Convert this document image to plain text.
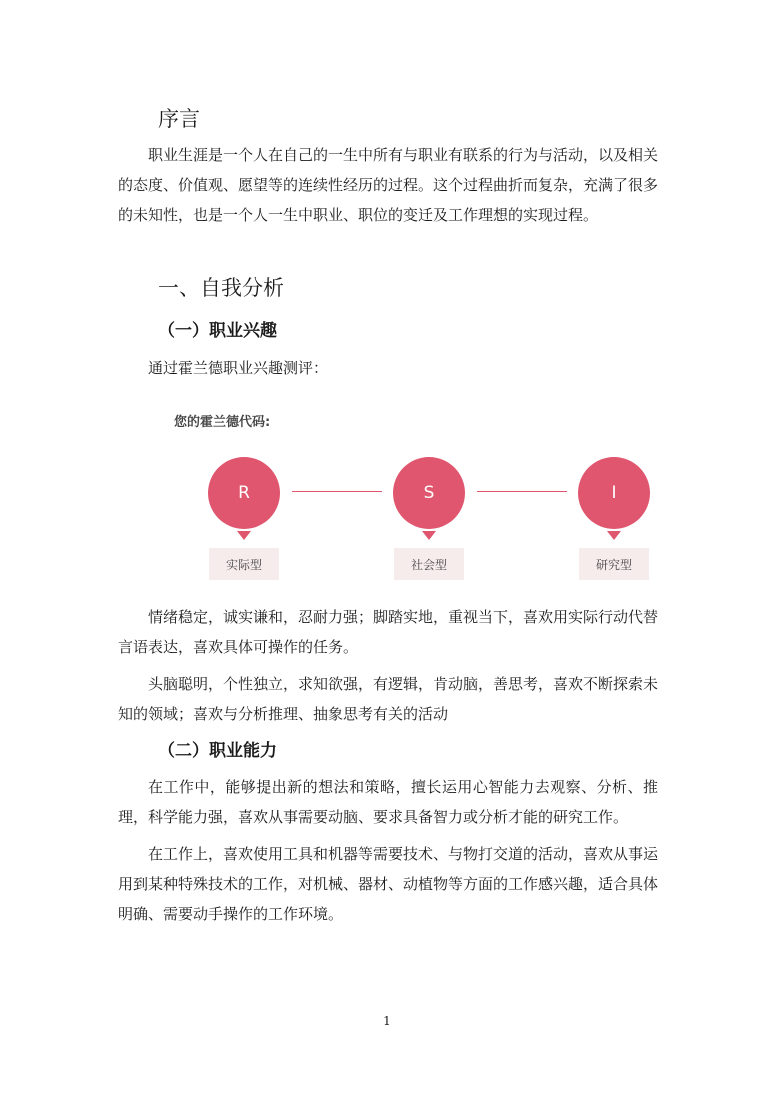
序言

职业生涯是一个人在自己的一生中所有与职业有联系的行为与活动，以及相关的态度、价值观、愿望等的连续性经历的过程。这个过程曲折而复杂，充满了很多的未知性，也是一个人一生中职业、职位的变迁及工作理想的实现过程。

一、自我分析
（一）职业兴趣

通过霍兰德职业兴趣测评：

您的霍兰德代码:

R	S	I
实际型	社会型	研究型

情绪稳定，诚实谦和，忍耐力强；脚踏实地，重视当下，喜欢用实际行动代替言语表达，喜欢具体可操作的任务。

头脑聪明，个性独立，求知欲强，有逻辑，肯动脑，善思考，喜欢不断探索未知的领域；喜欢与分析推理、抽象思考有关的活动

（二）职业能力

在工作中，能够提出新的想法和策略，擅长运用心智能力去观察、分析、推理，科学能力强，喜欢从事需要动脑、要求具备智力或分析才能的研究工作。

在工作上，喜欢使用工具和机器等需要技术、与物打交道的活动，喜欢从事运用到某种特殊技术的工作，对机械、器材、动植物等方面的工作感兴趣，适合具体明确、需要动手操作的工作环境。

1
